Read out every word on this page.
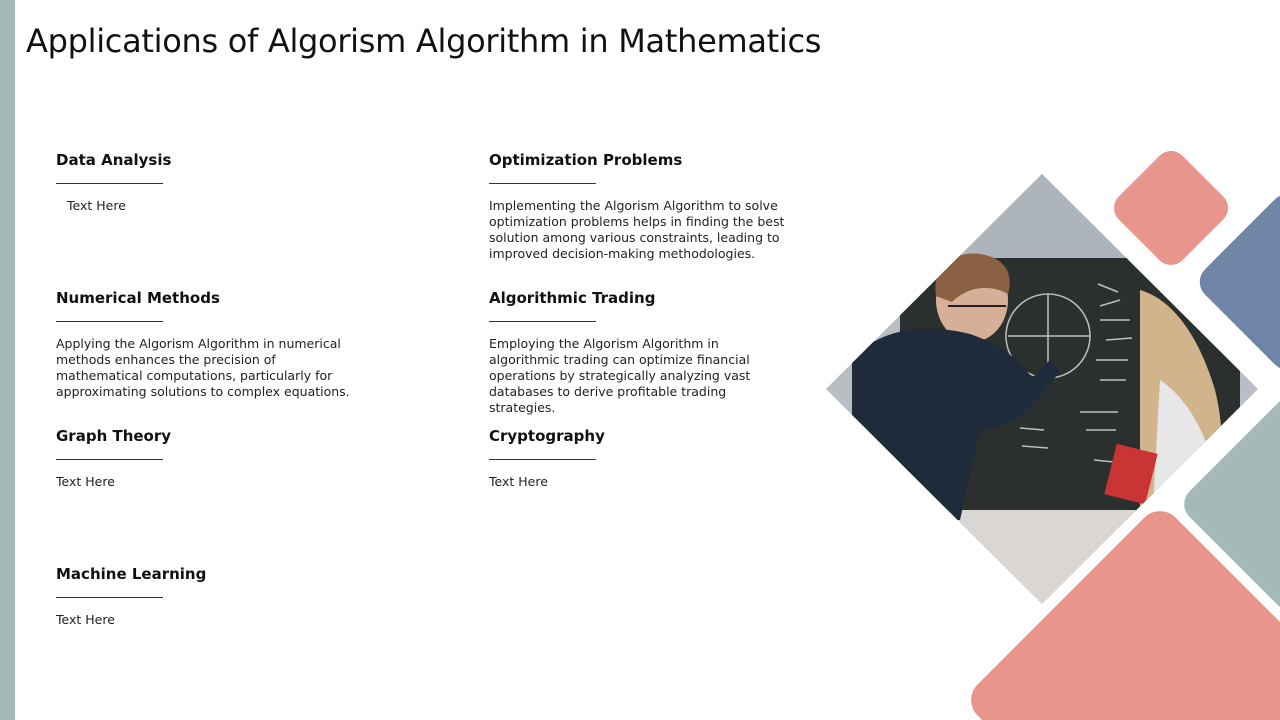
Applications of Algorism Algorithm in Mathematics
Data Analysis

Text Here

Optimization Problems

Implementing the Algorism Algorithm to solve optimization problems helps in finding the best solution among various constraints, leading to improved decision-making methodologies.

Numerical Methods

Applying the Algorism Algorithm in numerical methods enhances the precision of mathematical computations, particularly for approximating solutions to complex equations.

Algorithmic Trading

Employing the Algorism Algorithm in algorithmic trading can optimize financial operations by strategically analyzing vast databases to derive profitable trading strategies.

Graph Theory

Text Here

Cryptography

Text Here

Machine Learning

Text Here
